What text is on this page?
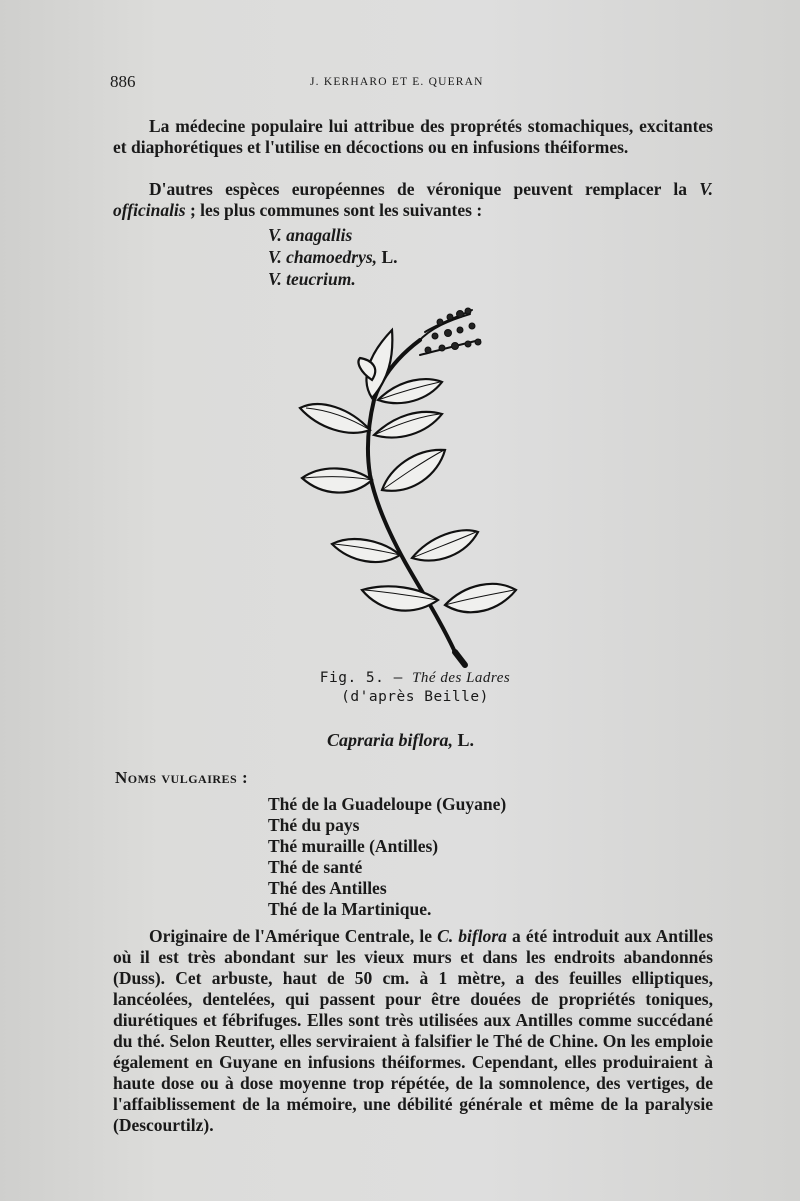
886	J. KERHARO ET E. QUERAN
La médecine populaire lui attribue des proprétés stomachiques, excitantes et diaphorétiques et l'utilise en décoctions ou en infusions théiformes.
D'autres espèces européennes de véronique peuvent remplacer la V. officinalis ; les plus communes sont les suivantes :
V. anagallis
V. chamoedrys, L.
V. teucrium.
Fig. 5. — Thé des Ladres
(d'après Beille)
Capraria biflora, L.
Noms vulgaires :
Thé de la Guadeloupe (Guyane)
Thé du pays
Thé muraille (Antilles)
Thé de santé
Thé des Antilles
Thé de la Martinique.
Originaire de l'Amérique Centrale, le C. biflora a été introduit aux Antilles où il est très abondant sur les vieux murs et dans les endroits abandonnés (Duss). Cet arbuste, haut de 50 cm. à 1 mètre, a des feuilles elliptiques, lancéolées, dentelées, qui passent pour être douées de propriétés toniques, diurétiques et fébrifuges. Elles sont très utilisées aux Antilles comme succédané du thé. Selon Reutter, elles serviraient à falsifier le Thé de Chine. On les emploie également en Guyane en infusions théiformes. Cependant, elles produiraient à haute dose ou à dose moyenne trop répétée, de la somnolence, des vertiges, de l'affaiblissement de la mémoire, une débilité générale et même de la paralysie (Descourtilz).
